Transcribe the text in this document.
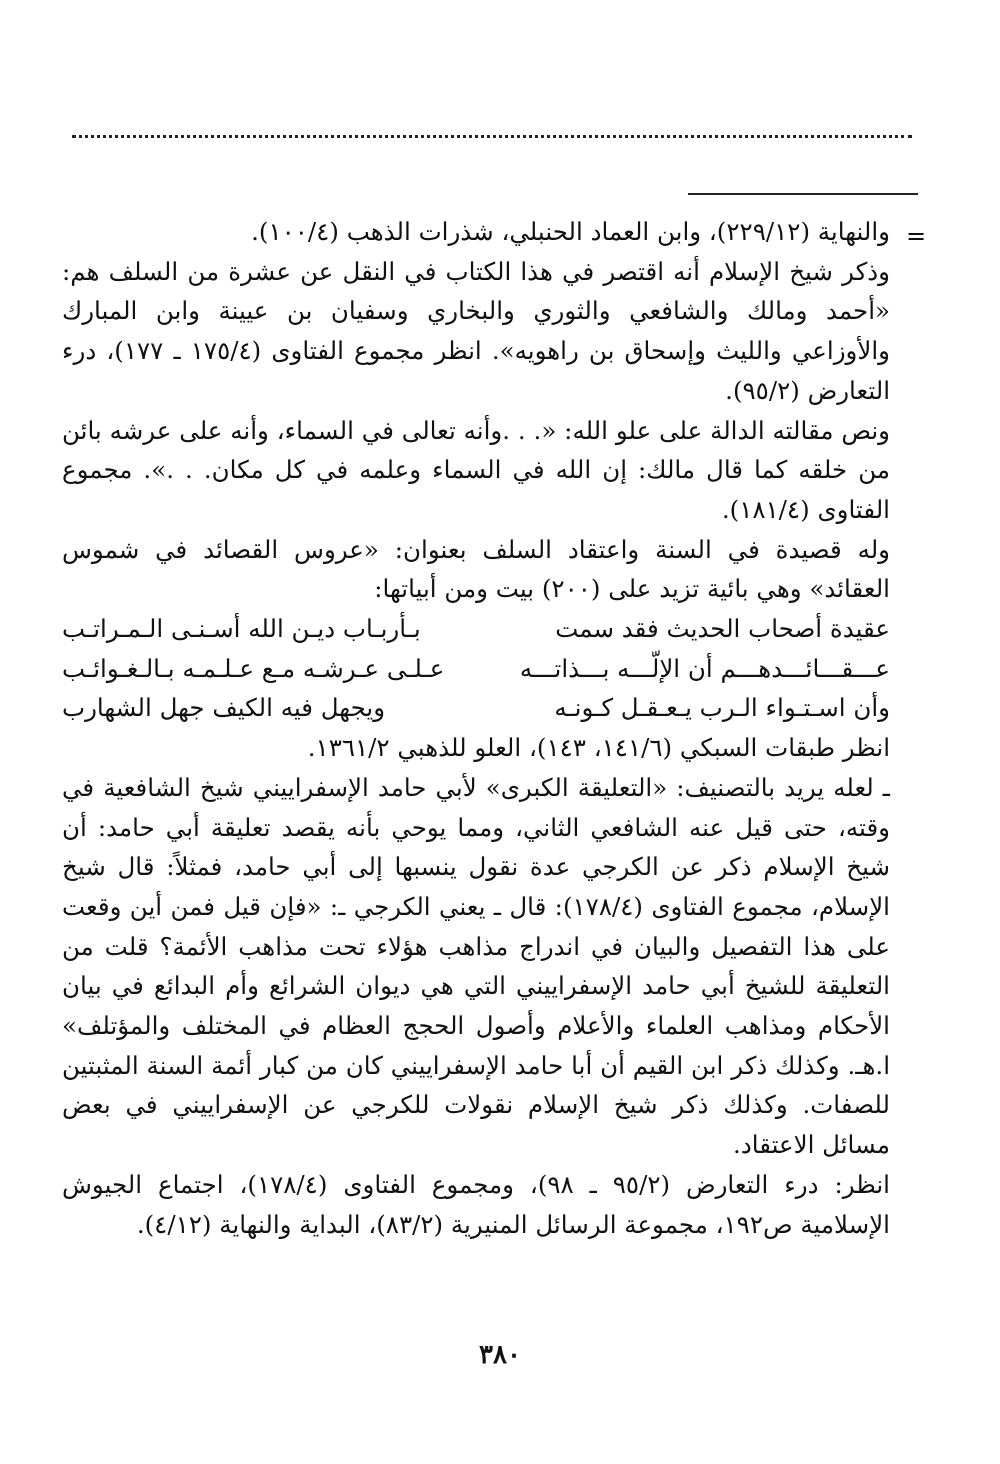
=

والنهاية (٢٢٩/١٢)، وابن العماد الحنبلي، شذرات الذهب (١٠٠/٤).

وذكر شيخ الإسلام أنه اقتصر في هذا الكتاب في النقل عن عشرة من السلف هم: «أحمد ومالك والشافعي والثوري والبخاري وسفيان بن عيينة وابن المبارك والأوزاعي والليث وإسحاق بن راهويه». انظر مجموع الفتاوى (١٧٥/٤ ـ ١٧٧)، درء التعارض (٩٥/٢).

ونص مقالته الدالة على علو الله: «. . .وأنه تعالى في السماء، وأنه على عرشه بائن من خلقه كما قال مالك: إن الله في السماء وعلمه في كل مكان. . .». مجموع الفتاوى (١٨١/٤).

وله قصيدة في السنة واعتقاد السلف بعنوان: «عروس القصائد في شموس العقائد» وهي بائية تزيد على (٢٠٠) بيت ومن أبياتها:

عقيدة أصحاب الحديث فقد سمت
بـأربـاب ديـن الله أسـنـى الـمـراتـب
عـــقـــائـــدهـــم أن الإلّـــه بـــذاتـــه
عـلـى عـرشـه مـع عـلـمـه بـالـغـوائـب
وأن اسـتـواء الـرب يـعـقـل كـونـه
ويجهل فيه الكيف جهل الشهارب

انظر طبقات السبكي (١٤١/٦، ١٤٣)، العلو للذهبي ١٣٦١/٢.

ـ لعله يريد بالتصنيف: «التعليقة الكبرى» لأبي حامد الإسفراييني شيخ الشافعية في وقته، حتى قيل عنه الشافعي الثاني، ومما يوحي بأنه يقصد تعليقة أبي حامد: أن شيخ الإسلام ذكر عن الكرجي عدة نقول ينسبها إلى أبي حامد، فمثلاً: قال شيخ الإسلام، مجموع الفتاوى (١٧٨/٤): قال ـ يعني الكرجي ـ: «فإن قيل فمن أين وقعت على هذا التفصيل والبيان في اندراج مذاهب هؤلاء تحت مذاهب الأئمة؟ قلت من التعليقة للشيخ أبي حامد الإسفراييني التي هي ديوان الشرائع وأم البدائع في بيان الأحكام ومذاهب العلماء والأعلام وأصول الحجج العظام في المختلف والمؤتلف» ا.هـ. وكذلك ذكر ابن القيم أن أبا حامد الإسفراييني كان من كبار أئمة السنة المثبتين للصفات. وكذلك ذكر شيخ الإسلام نقولات للكرجي عن الإسفراييني في بعض مسائل الاعتقاد.

انظر: درء التعارض (٩٥/٢ ـ ٩٨)، ومجموع الفتاوى (١٧٨/٤)، اجتماع الجيوش الإسلامية ص١٩٢، مجموعة الرسائل المنيرية (٨٣/٢)، البداية والنهاية (٤/١٢).

٣٨٠
